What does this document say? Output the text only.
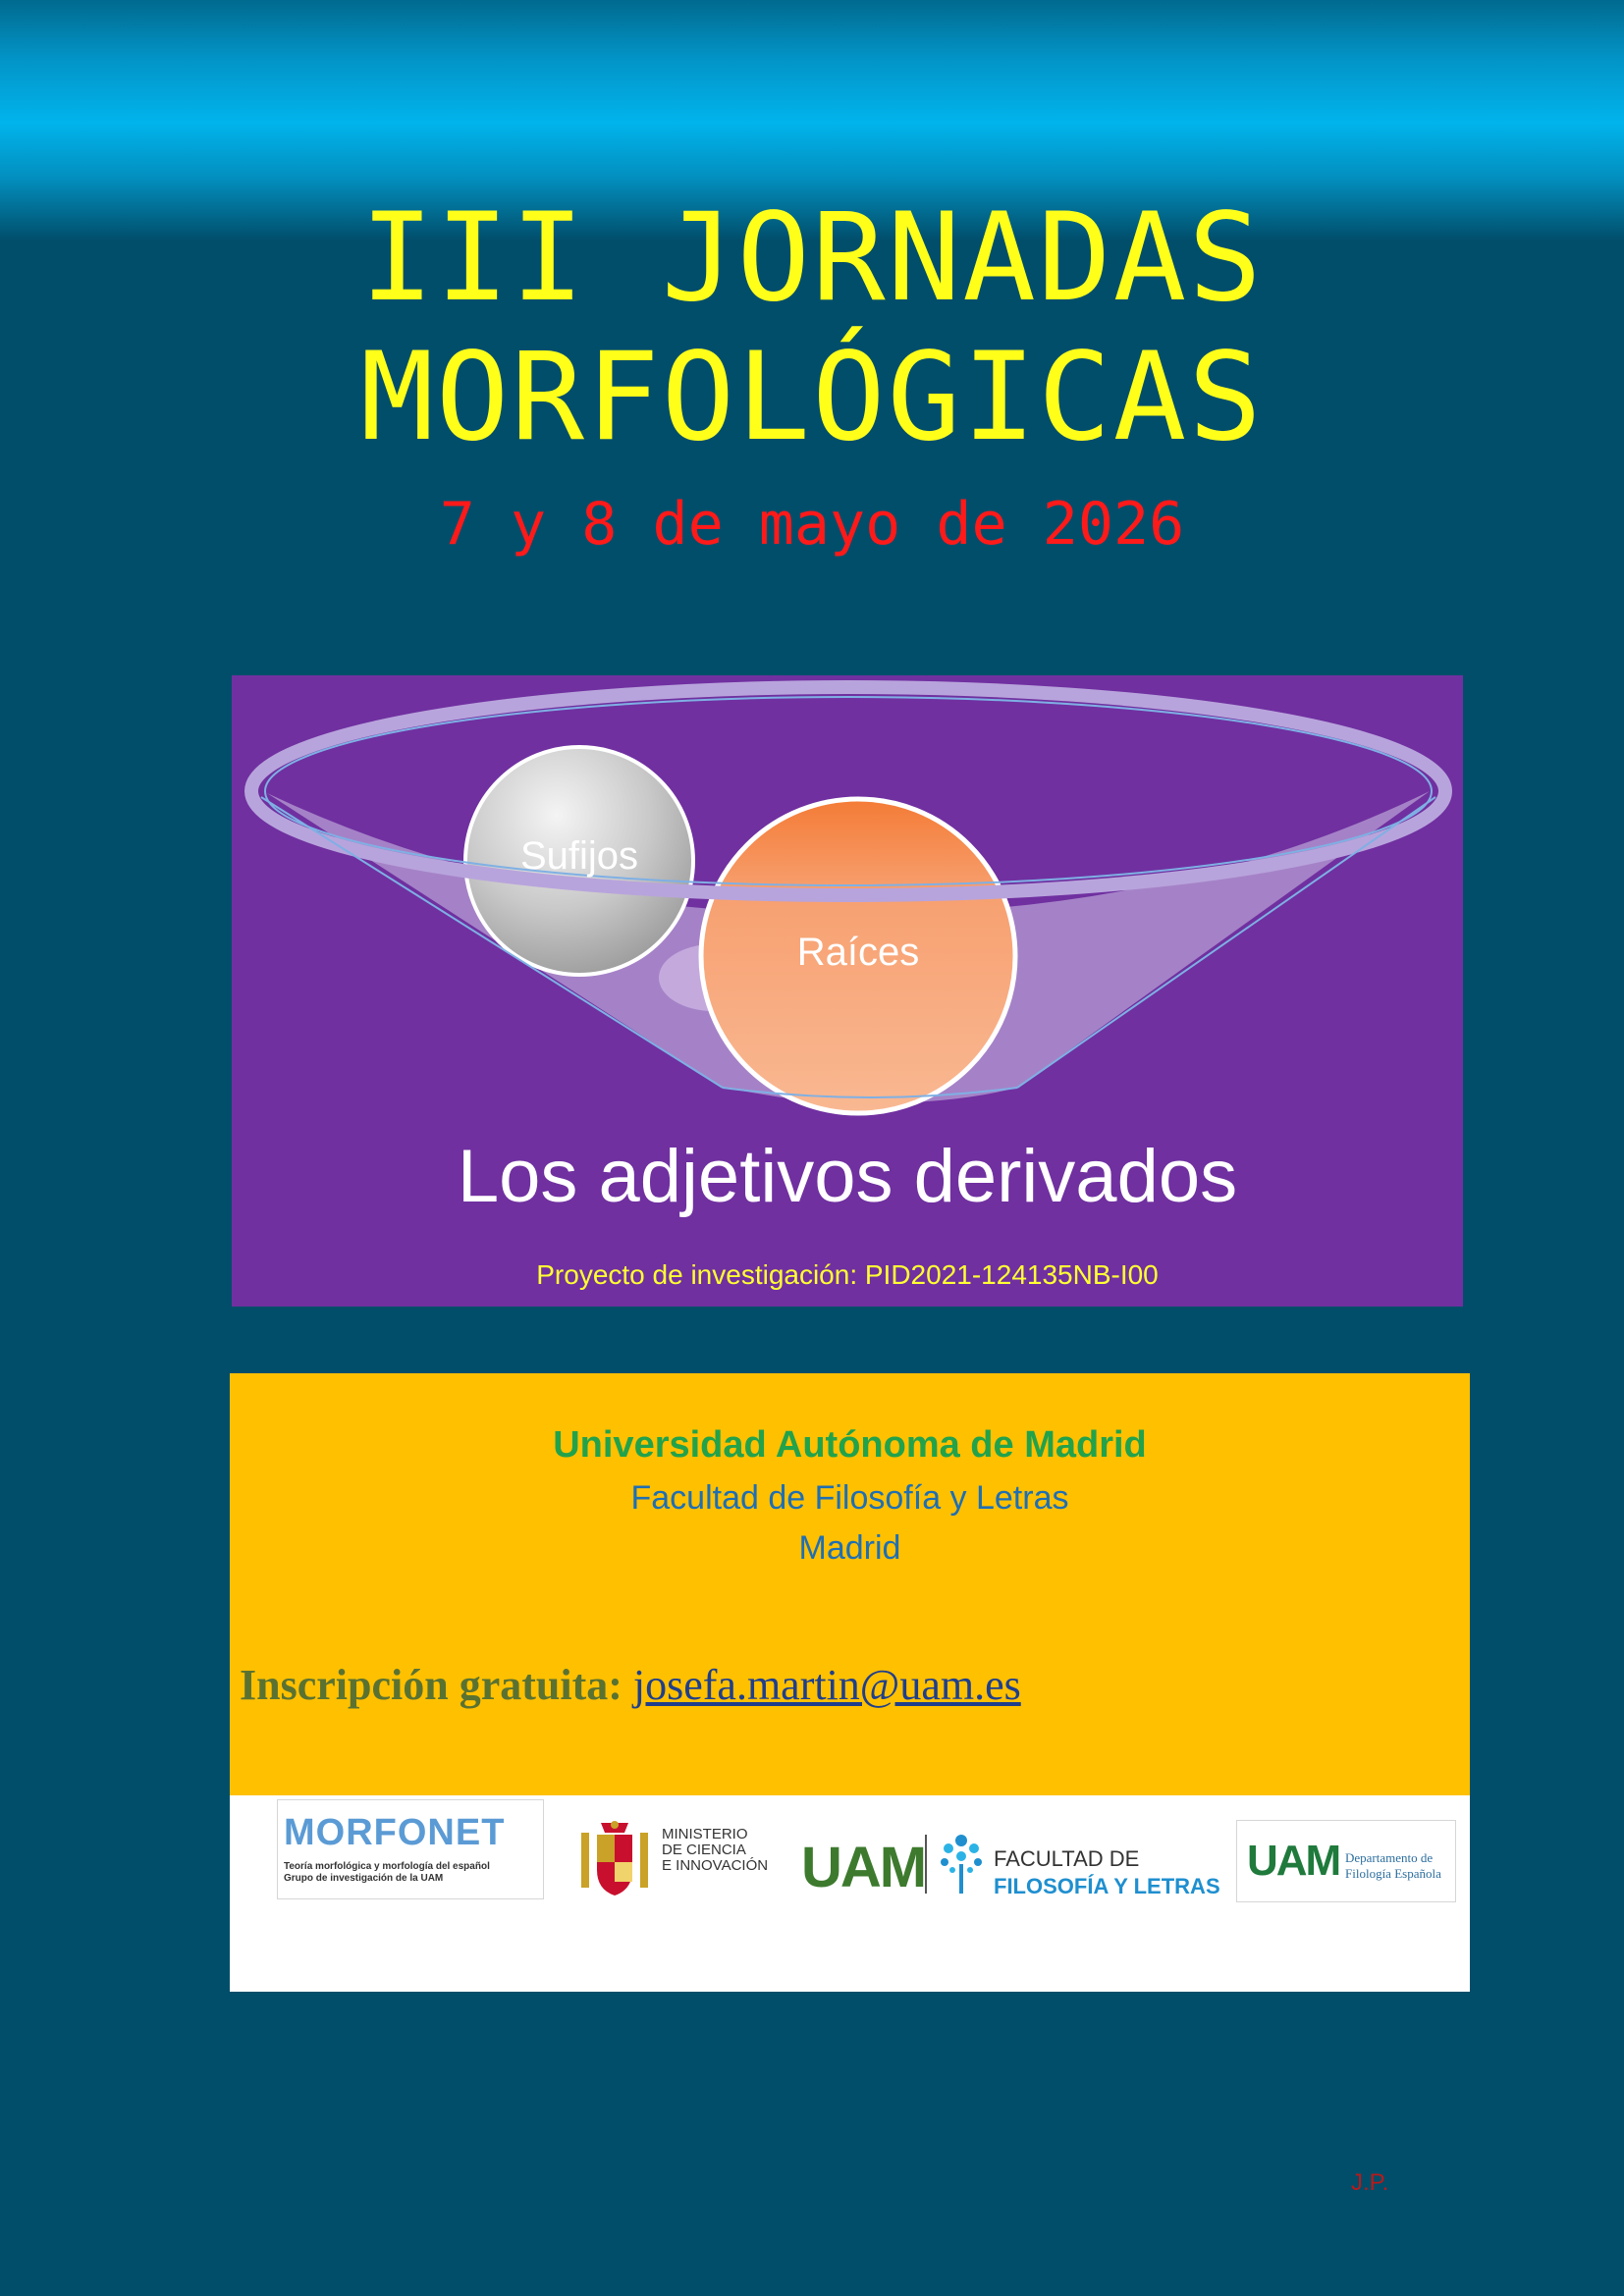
III JORNADAS
MORFOLÓGICAS
7 y 8 de mayo de 2026
Sufijos
Raíces
Los adjetivos derivados
Proyecto de investigación: PID2021-124135NB-I00
Universidad Autónoma de Madrid
Facultad de Filosofía y Letras
Madrid
Inscripción gratuita: josefa.martin@uam.es
MORFONET
Teoría morfológica y morfología del español
Grupo de investigación de la UAM
MINISTERIO
DE CIENCIA
E INNOVACIÓN UAM	FACULTAD DE
FILOSOFÍA Y LETRAS
UAM Departamento de
Filología Española
J.P.
